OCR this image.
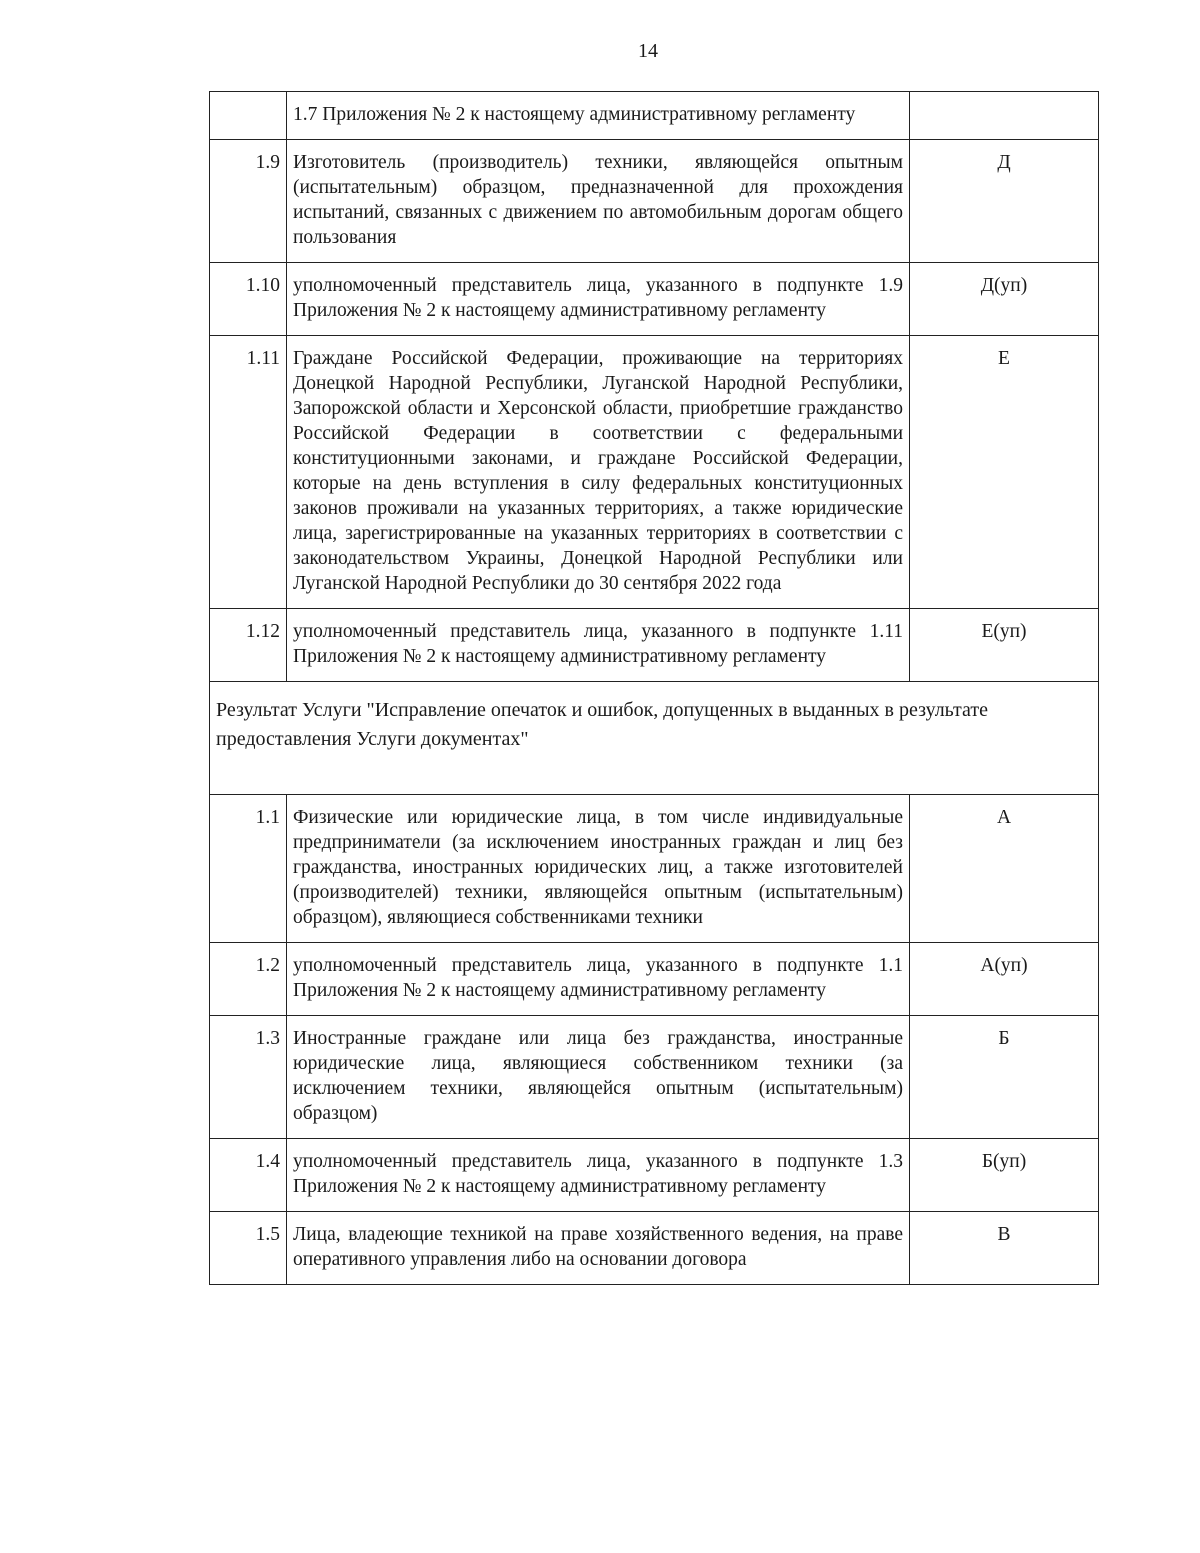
14
	1.7 Приложения № 2 к настоящему административному регламенту	
1.9	Изготовитель (производитель) техники, являющейся опытным (испытательным) образцом, предназначенной для прохождения испытаний, связанных с движением по автомобильным дорогам общего пользования	Д
1.10	уполномоченный представитель лица, указанного в подпункте 1.9 Приложения № 2 к настоящему административному регламенту	Д(уп)
1.11	Граждане Российской Федерации, проживающие на территориях Донецкой Народной Республики, Луганской Народной Республики, Запорожской области и Херсонской области, приобретшие гражданство Российской Федерации в соответствии с федеральными конституционными законами, и граждане Российской Федерации, которые на день вступления в силу федеральных конституционных законов проживали на указанных территориях, а также юридические лица, зарегистрированные на указанных территориях в соответствии с законодательством Украины, Донецкой Народной Республики или Луганской Народной Республики до 30 сентября 2022 года	Е
1.12	уполномоченный представитель лица, указанного в подпункте 1.11 Приложения № 2 к настоящему административному регламенту	Е(уп)
Результат Услуги "Исправление опечаток и ошибок, допущенных в выданных в результате предоставления Услуги документах"		
1.1	Физические или юридические лица, в том числе индивидуальные предприниматели (за исключением иностранных граждан и лиц без гражданства, иностранных юридических лиц, а также изготовителей (производителей) техники, являющейся опытным (испытательным) образцом), являющиеся собственниками техники	А
1.2	уполномоченный представитель лица, указанного в подпункте 1.1 Приложения № 2 к настоящему административному регламенту	А(уп)
1.3	Иностранные граждане или лица без гражданства, иностранные юридические лица, являющиеся собственником техники (за исключением техники, являющейся опытным (испытательным) образцом)	Б
1.4	уполномоченный представитель лица, указанного в подпункте 1.3 Приложения № 2 к настоящему административному регламенту	Б(уп)
1.5	Лица, владеющие техникой на праве хозяйственного ведения, на праве оперативного управления либо на основании договора	В
